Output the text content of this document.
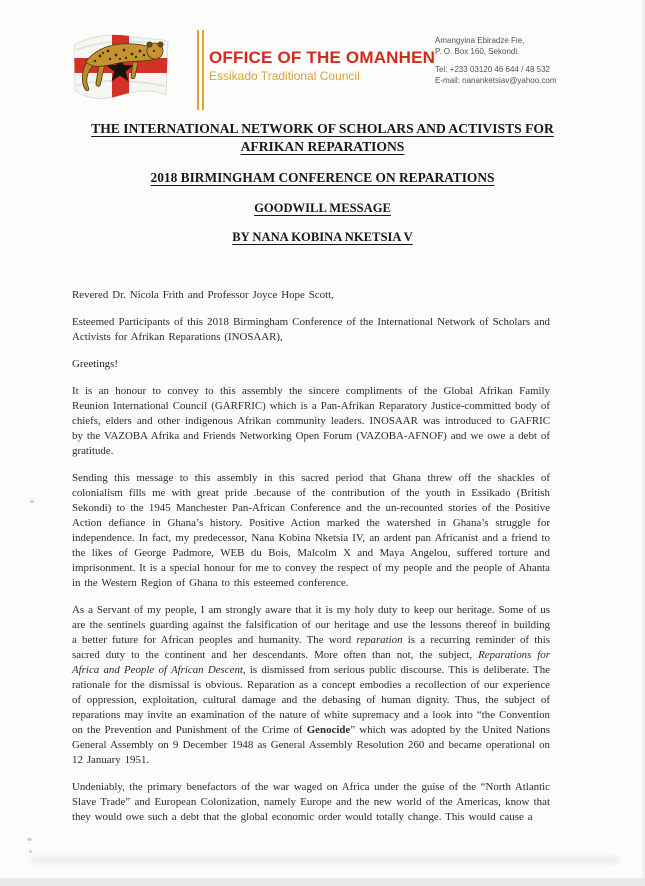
OFFICE OF THE OMANHEN
Essikado Traditional Council
Amangyina Ebiradze Fie,
P. O. Box 160, Sekondi.
Tel: +233 03120 46 644 / 48 532
E-mail: nananketsiav@yahoo.com
THE INTERNATIONAL NETWORK OF SCHOLARS AND ACTIVISTS FOR AFRIKAN REPARATIONS
2018 BIRMINGHAM CONFERENCE ON REPARATIONS
GOODWILL MESSAGE
BY NANA KOBINA NKETSIA V

Revered Dr. Nicola Frith and Professor Joyce Hope Scott,

Esteemed Participants of this 2018 Birmingham Conference of the International Network of Scholars and Activists for Afrikan Reparations (INOSAAR),

Greetings!

It is an honour to convey to this assembly the sincere compliments of the Global Afrikan Family Reunion International Council (GARFRIC) which is a Pan-Afrikan Reparatory Justice-committed body of chiefs, elders and other indigenous Afrikan community leaders. INOSAAR was introduced to GAFRIC by the VAZOBA Afrika and Friends Networking Open Forum (VAZOBA-AFNOF) and we owe a debt of gratitude.

Sending this message to this assembly in this sacred period that Ghana threw off the shackles of colonialism fills me with great pride .because of the contribution of the youth in Essikado (British Sekondi) to the 1945 Manchester Pan-African Conference and the un-recounted stories of the Positive Action defiance in Ghana’s history. Positive Action marked the watershed in Ghana’s struggle for independence. In fact, my predecessor, Nana Kobina Nketsia IV, an ardent pan Africanist and a friend to the likes of George Padmore, WEB du Bois, Malcolm X and Maya Angelou, suffered torture and imprisonment. It is a special honour for me to convey the respect of my people and the people of Ahanta in the Western Region of Ghana to this esteemed conference.

As a Servant of my people, I am strongly aware that it is my holy duty to keep our heritage. Some of us are the sentinels guarding against the falsification of our heritage and use the lessons thereof in building a better future for African peoples and humanity. The word reparation is a recurring reminder of this sacred duty to the continent and her descendants. More often than not, the subject, Reparations for Africa and People of African Descent, is dismissed from serious public discourse. This is deliberate. The rationale for the dismissal is obvious. Reparation as a concept embodies a recollection of our experience of oppression, exploitation, cultural damage and the debasing of human dignity. Thus, the subject of reparations may invite an examination of the nature of white supremacy and a look into “the Convention on the Prevention and Punishment of the Crime of Genocide” which was adopted by the United Nations General Assembly on 9 December 1948 as General Assembly Resolution 260 and became operational on 12 January 1951.

Undeniably, the primary benefactors of the war waged on Africa under the guise of the “North Atlantic Slave Trade” and European Colonization, namely Europe and the new world of the Americas, know that they would owe such a debt that the global economic order would totally change. This would cause a
